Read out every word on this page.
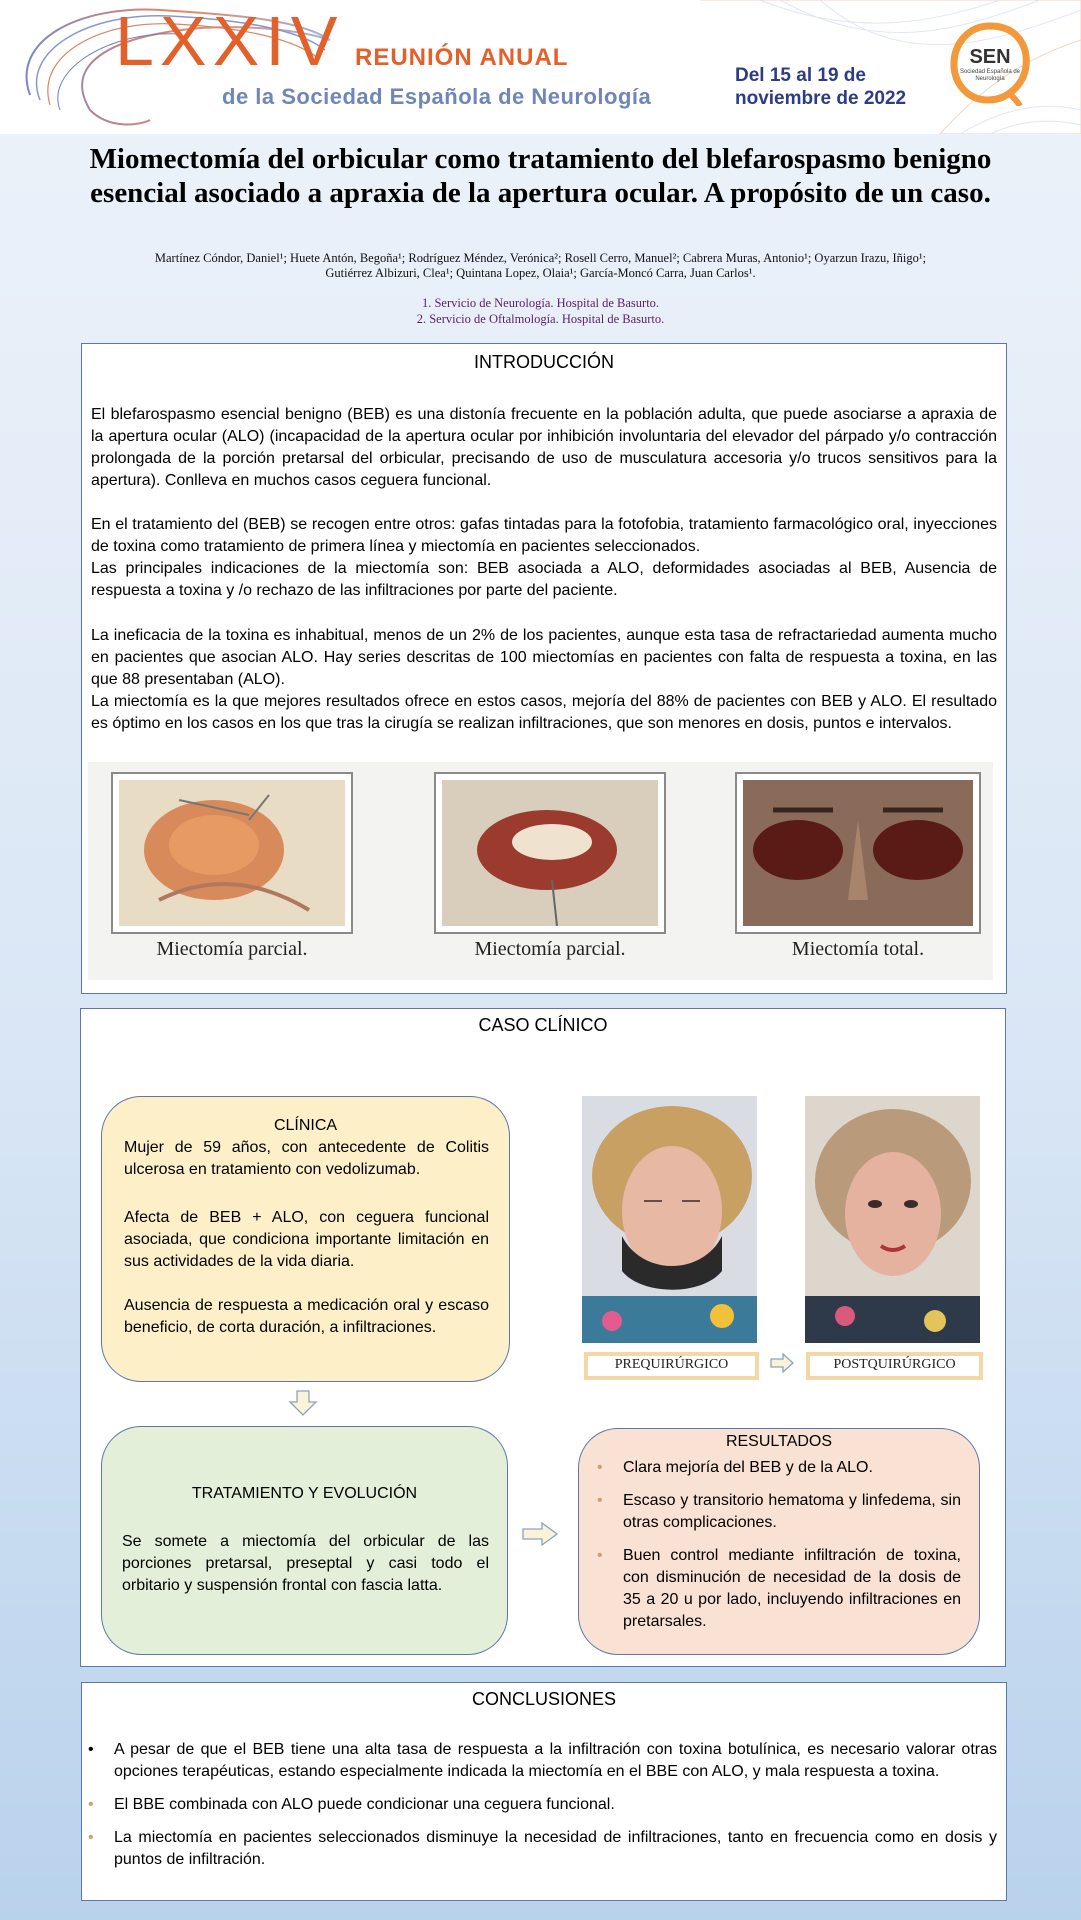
LXXIV REUNIÓN ANUAL
de la Sociedad Española de Neurología
Del 15 al 19 de
noviembre de 2022
SEN
Sociedad Española de Neurología
Miomectomía del orbicular como tratamiento del blefarospasmo benigno esencial asociado a apraxia de la apertura ocular. A propósito de un caso.
Martínez Cóndor, Daniel¹; Huete Antón, Begoña¹; Rodríguez Méndez, Verónica²; Rosell Cerro, Manuel²; Cabrera Muras, Antonio¹; Oyarzun Irazu, Iñigo¹;
Gutiérrez Albizuri, Clea¹; Quintana Lopez, Olaia¹; García-Moncó Carra, Juan Carlos¹.
1. Servicio de Neurología. Hospital de Basurto.
2. Servicio de Oftalmología. Hospital de Basurto.
INTRODUCCIÓN
El blefarospasmo esencial benigno (BEB) es una distonía frecuente en la población adulta, que puede asociarse a apraxia de la apertura ocular (ALO) (incapacidad de la apertura ocular por inhibición involuntaria del elevador del párpado y/o contracción prolongada de la porción pretarsal del orbicular, precisando de uso de musculatura accesoria y/o trucos sensitivos para la apertura). Conlleva en muchos casos ceguera funcional.
En el tratamiento del (BEB) se recogen entre otros: gafas tintadas para la fotofobia, tratamiento farmacológico oral, inyecciones de toxina como tratamiento de primera línea y miectomía en pacientes seleccionados.
Las principales indicaciones de la miectomía son: BEB asociada a ALO, deformidades asociadas al BEB, Ausencia de respuesta a toxina y /o rechazo de las infiltraciones por parte del paciente.
La ineficacia de la toxina es inhabitual, menos de un 2% de los pacientes, aunque esta tasa de refractariedad aumenta mucho en pacientes que asocian ALO. Hay series descritas de 100 miectomías en pacientes con falta de respuesta a toxina, en las que 88 presentaban (ALO).
La miectomía es la que mejores resultados ofrece en estos casos, mejoría del 88% de pacientes con BEB y ALO. El resultado es óptimo en los casos en los que tras la cirugía se realizan infiltraciones, que son menores en dosis, puntos e intervalos.
Miectomía parcial.	Miectomía parcial.	Miectomía total.
CASO CLÍNICO
CLÍNICA
Mujer de 59 años, con antecedente de Colitis ulcerosa en tratamiento con vedolizumab.
Afecta de BEB + ALO, con ceguera funcional asociada, que condiciona importante limitación en sus actividades de la vida diaria.
Ausencia de respuesta a medicación oral y escaso beneficio, de corta duración, a infiltraciones.
PREQUIRÚRGICO	POSTQUIRÚRGICO
TRATAMIENTO Y EVOLUCIÓN
Se somete a miectomía del orbicular de las porciones pretarsal, preseptal y casi todo el orbitario y suspensión frontal con fascia latta.
RESULTADOS
• Clara mejoría del BEB y de la ALO.
• Escaso y transitorio hematoma y linfedema, sin otras complicaciones.
• Buen control mediante infiltración de toxina, con disminución de necesidad de la dosis de 35 a 20 u por lado, incluyendo infiltraciones en pretarsales.
CONCLUSIONES
• A pesar de que el BEB tiene una alta tasa de respuesta a la infiltración con toxina botulínica, es necesario valorar otras opciones terapéuticas, estando especialmente indicada la miectomía en el BBE con ALO, y mala respuesta a toxina.
• El BBE combinada con ALO puede condicionar una ceguera funcional.
• La miectomía en pacientes seleccionados disminuye la necesidad de infiltraciones, tanto en frecuencia como en dosis y puntos de infiltración.
